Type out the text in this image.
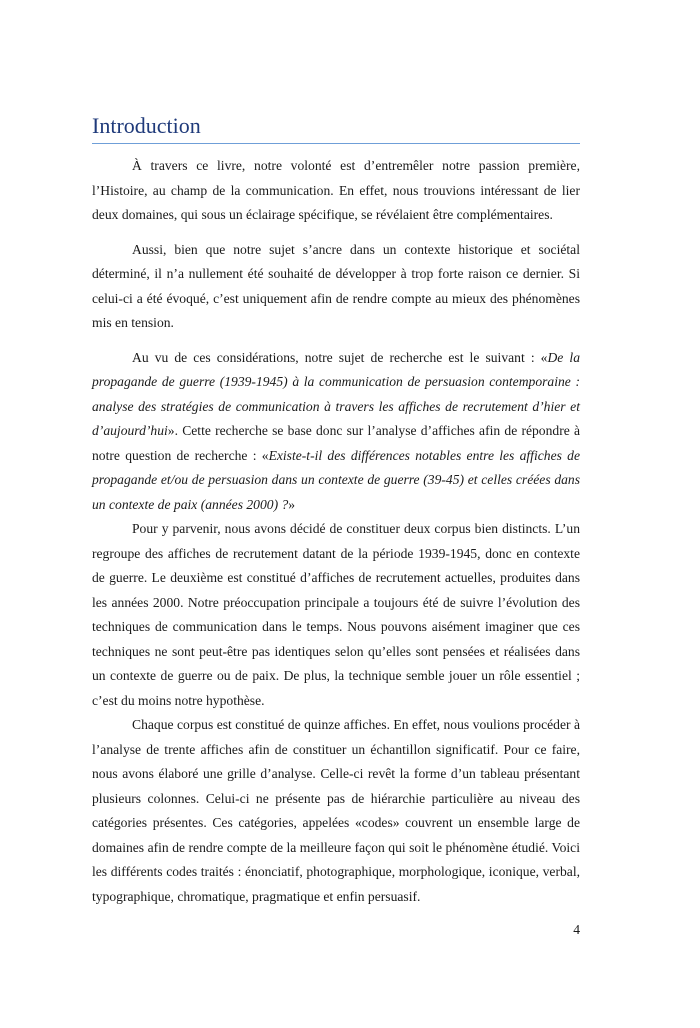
Introduction

À travers ce livre, notre volonté est d’entremêler notre passion première, l’Histoire, au champ de la communication. En effet, nous trouvions intéressant de lier deux domaines, qui sous un éclairage spécifique, se révélaient être complémentaires.

Aussi, bien que notre sujet s’ancre dans un contexte historique et sociétal déterminé, il n’a nullement été souhaité de développer à trop forte raison ce dernier. Si celui-ci a été évoqué, c’est uniquement afin de rendre compte au mieux des phénomènes mis en tension.

Au vu de ces considérations, notre sujet de recherche est le suivant : «De la propagande de guerre (1939-1945) à la communication de persuasion contemporaine : analyse des stratégies de communication à travers les affiches de recrutement d’hier et d’aujourd’hui». Cette recherche se base donc sur l’analyse d’affiches afin de répondre à notre question de recherche : «Existe-t-il des différences notables entre les affiches de propagande et/ou de persuasion dans un contexte de guerre (39-45) et celles créées dans un contexte de paix (années 2000) ?»

Pour y parvenir, nous avons décidé de constituer deux corpus bien distincts. L’un regroupe des affiches de recrutement datant de la période 1939-1945, donc en contexte de guerre. Le deuxième est constitué d’affiches de recrutement actuelles, produites dans les années 2000. Notre préoccupation principale a toujours été de suivre l’évolution des techniques de communication dans le temps. Nous pouvons aisément imaginer que ces techniques ne sont peut-être pas identiques selon qu’elles sont pensées et réalisées dans un contexte de guerre ou de paix. De plus, la technique semble jouer un rôle essentiel ; c’est du moins notre hypothèse.

Chaque corpus est constitué de quinze affiches. En effet, nous voulions procéder à l’analyse de trente affiches afin de constituer un échantillon significatif. Pour ce faire, nous avons élaboré une grille d’analyse. Celle-ci revêt la forme d’un tableau présentant plusieurs colonnes. Celui-ci ne présente pas de hiérarchie particulière au niveau des catégories présentes. Ces catégories, appelées «codes» couvrent un ensemble large de domaines afin de rendre compte de la meilleure façon qui soit le phénomène étudié. Voici les différents codes traités : énonciatif, photographique, morphologique, iconique, verbal, typographique, chromatique, pragmatique et enfin persuasif.

4
